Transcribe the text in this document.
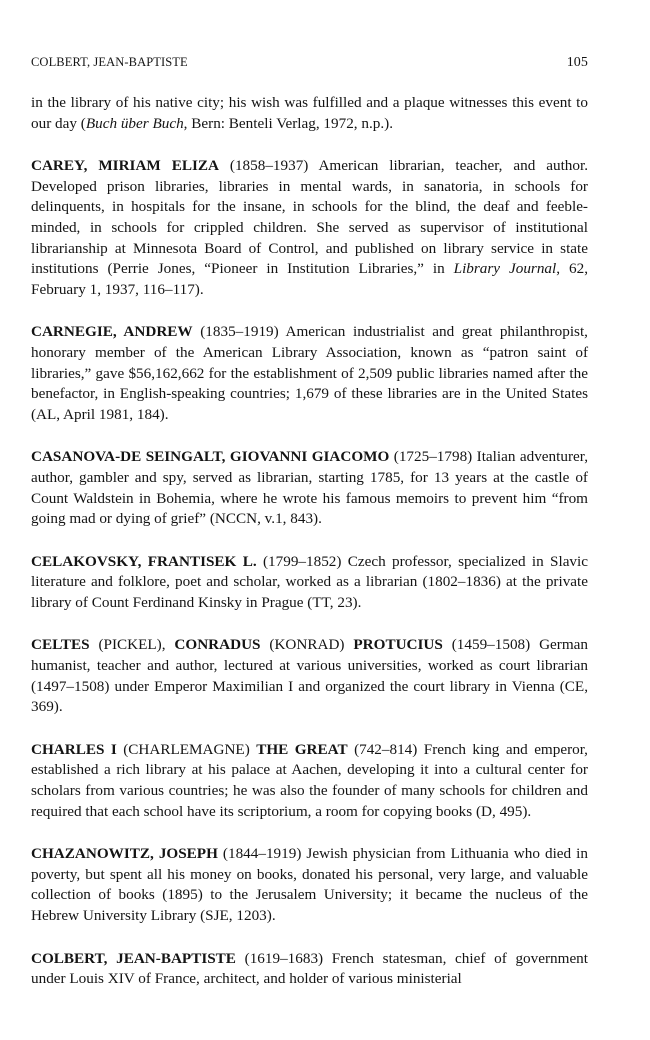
COLBERT, JEAN-BAPTISTE	105

in the library of his native city; his wish was fulfilled and a plaque witnesses this event to our day (Buch über Buch, Bern: Benteli Verlag, 1972, n.p.).

CAREY, MIRIAM ELIZA (1858–1937) American librarian, teacher, and author. Developed prison libraries, libraries in mental wards, in sanatoria, in schools for delinquents, in hospitals for the insane, in schools for the blind, the deaf and feeble-minded, in schools for crippled children. She served as supervisor of institutional librarianship at Minnesota Board of Control, and published on library service in state institutions (Perrie Jones, “Pioneer in Institution Libraries,” in Library Journal, 62, February 1, 1937, 116–117).

CARNEGIE, ANDREW (1835–1919) American industrialist and great philanthropist, honorary member of the American Library Association, known as “patron saint of libraries,” gave $56,162,662 for the establishment of 2,509 public libraries named after the benefactor, in English-speaking countries; 1,679 of these libraries are in the United States (AL, April 1981, 184).

CASANOVA-DE SEINGALT, GIOVANNI GIACOMO (1725–1798) Italian adventurer, author, gambler and spy, served as librarian, starting 1785, for 13 years at the castle of Count Waldstein in Bohemia, where he wrote his famous memoirs to prevent him “from going mad or dying of grief” (NCCN, v.1, 843).

CELAKOVSKY, FRANTISEK L. (1799–1852) Czech professor, specialized in Slavic literature and folklore, poet and scholar, worked as a librarian (1802–1836) at the private library of Count Ferdinand Kinsky in Prague (TT, 23).

CELTES (PICKEL), CONRADUS (KONRAD) PROTUCIUS (1459–1508) German humanist, teacher and author, lectured at various universities, worked as court librarian (1497–1508) under Emperor Maximilian I and organized the court library in Vienna (CE, 369).

CHARLES I (CHARLEMAGNE) THE GREAT (742–814) French king and emperor, established a rich library at his palace at Aachen, developing it into a cultural center for scholars from various countries; he was also the founder of many schools for children and required that each school have its scriptorium, a room for copying books (D, 495).

CHAZANOWITZ, JOSEPH (1844–1919) Jewish physician from Lithuania who died in poverty, but spent all his money on books, donated his personal, very large, and valuable collection of books (1895) to the Jerusalem University; it became the nucleus of the Hebrew University Library (SJE, 1203).

COLBERT, JEAN-BAPTISTE (1619–1683) French statesman, chief of government under Louis XIV of France, architect, and holder of various ministerial
